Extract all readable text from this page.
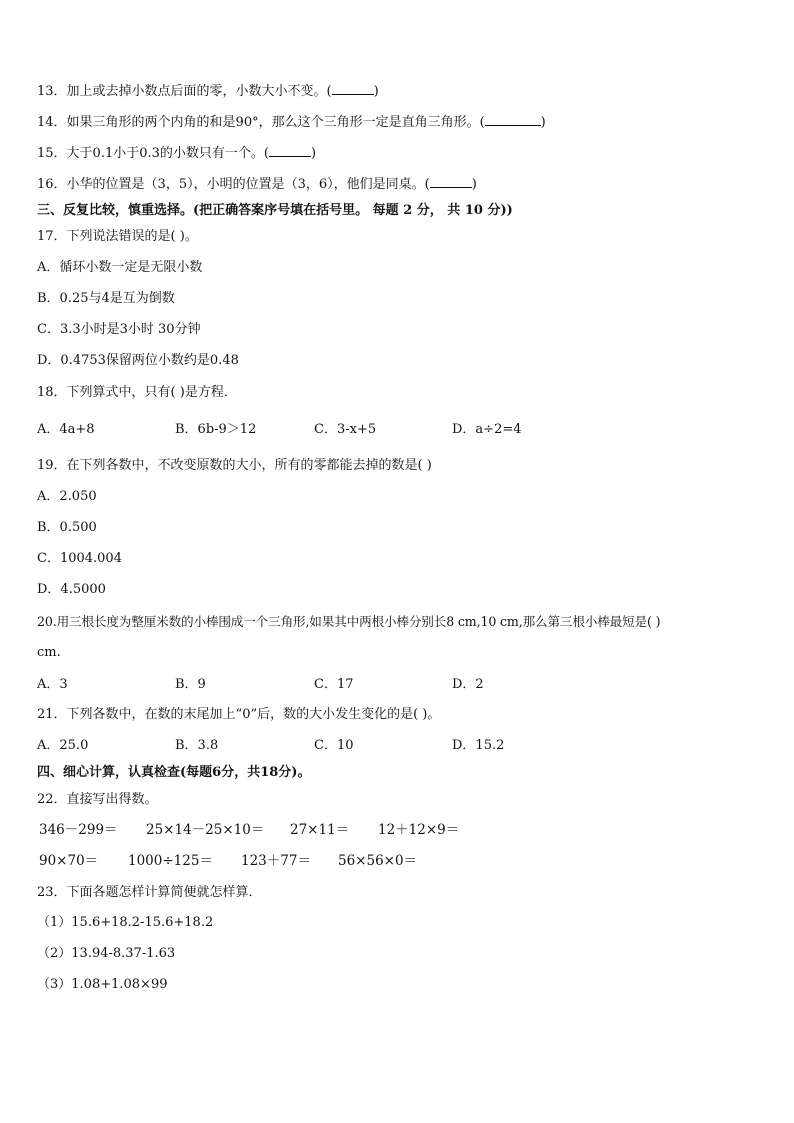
13．加上或去掉小数点后面的零，小数大小不变。(	)
14．如果三角形的两个内角的和是90°，那么这个三角形一定是直角三角形。(	)
15．大于0.1小于0.3的小数只有一个。(	)
16．小华的位置是（3，5），小明的位置是（3，6），他们是同桌。(	)
三、反复比较，慎重选择。(把正确答案序号填在括号里。 每题 2 分， 共 10 分))
17．下列说法错误的是( )。
A．循环小数一定是无限小数
B．0.25与4是互为倒数
C．3.3小时是3小时 30分钟
D．0.4753保留两位小数约是0.48
18．下列算式中，只有( )是方程．
A．4a+8	B．6b-9＞12	C．3-x+5	D．a÷2=4
19．在下列各数中，不改变原数的大小，所有的零都能去掉的数是( )
A．2.050
B．0.500
C．1004.004
D．4.5000
20.用三根长度为整厘米数的小棒围成一个三角形,如果其中两根小棒分别长8 cm,10 cm,那么第三根小棒最短是( )
cm.
A．3	B．9	C．17	D．2
21．下列各数中，在数的末尾加上“0”后，数的大小发生变化的是( )。
A．25.0	B．3.8	C．10	D．15.2
四、细心计算，认真检查(每题6分，共18分)。
22．直接写出得数。
346－299＝ 25×14－25×10＝ 27×11＝ 12＋12×9＝
90×70＝ 1000÷125＝ 123＋77＝ 56×56×0＝
23．下面各题怎样计算简便就怎样算．
（1）15.6+18.2-15.6+18.2
（2）13.94-8.37-1.63
（3）1.08+1.08×99
